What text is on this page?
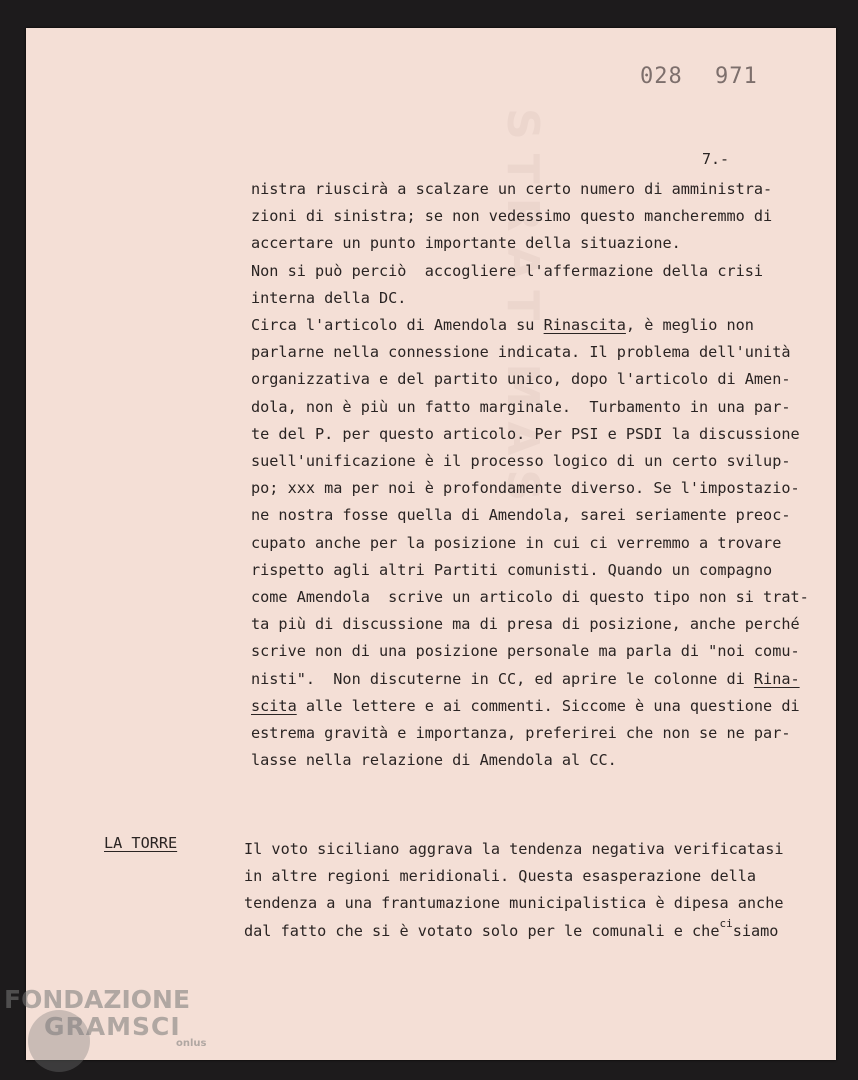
STRAT MAS
028 971
7.-
nistra riuscirà a scalzare un certo numero di amministra-
zioni di sinistra; se non vedessimo questo mancheremmo di
accertare un punto importante della situazione.
Non si può perciò  accogliere l'affermazione della crisi
interna della DC.
Circa l'articolo di Amendola su Rinascita, è meglio non
parlarne nella connessione indicata. Il problema dell'unità
organizzativa e del partito unico, dopo l'articolo di Amen-
dola, non è più un fatto marginale.  Turbamento in una par-
te del P. per questo articolo. Per PSI e PSDI la discussione
suell'unificazione è il processo logico di un certo svilup-
po; xxx ma per noi è profondamente diverso. Se l'impostazio-
ne nostra fosse quella di Amendola, sarei seriamente preoc-
cupato anche per la posizione in cui ci verremmo a trovare
rispetto agli altri Partiti comunisti. Quando un compagno
come Amendola  scrive un articolo di questo tipo non si trat-
ta più di discussione ma di presa di posizione, anche perché
scrive non di una posizione personale ma parla di "noi comu-
nisti".  Non discuterne in CC, ed aprire le colonne di Rina-
scita alle lettere e ai commenti. Siccome è una questione di
estrema gravità e importanza, preferirei che non se ne par-
lasse nella relazione di Amendola al CC.
LA TORRE	Il voto siciliano aggrava la tendenza negativa verificatasi
in altre regioni meridionali. Questa esasperazione della
tendenza a una frantumazione municipalistica è dipesa anche
dal fatto che si è votato solo per le comunali e che$^{ci}$siamo
FONDAZIONE
GRAMSCI
onlus
